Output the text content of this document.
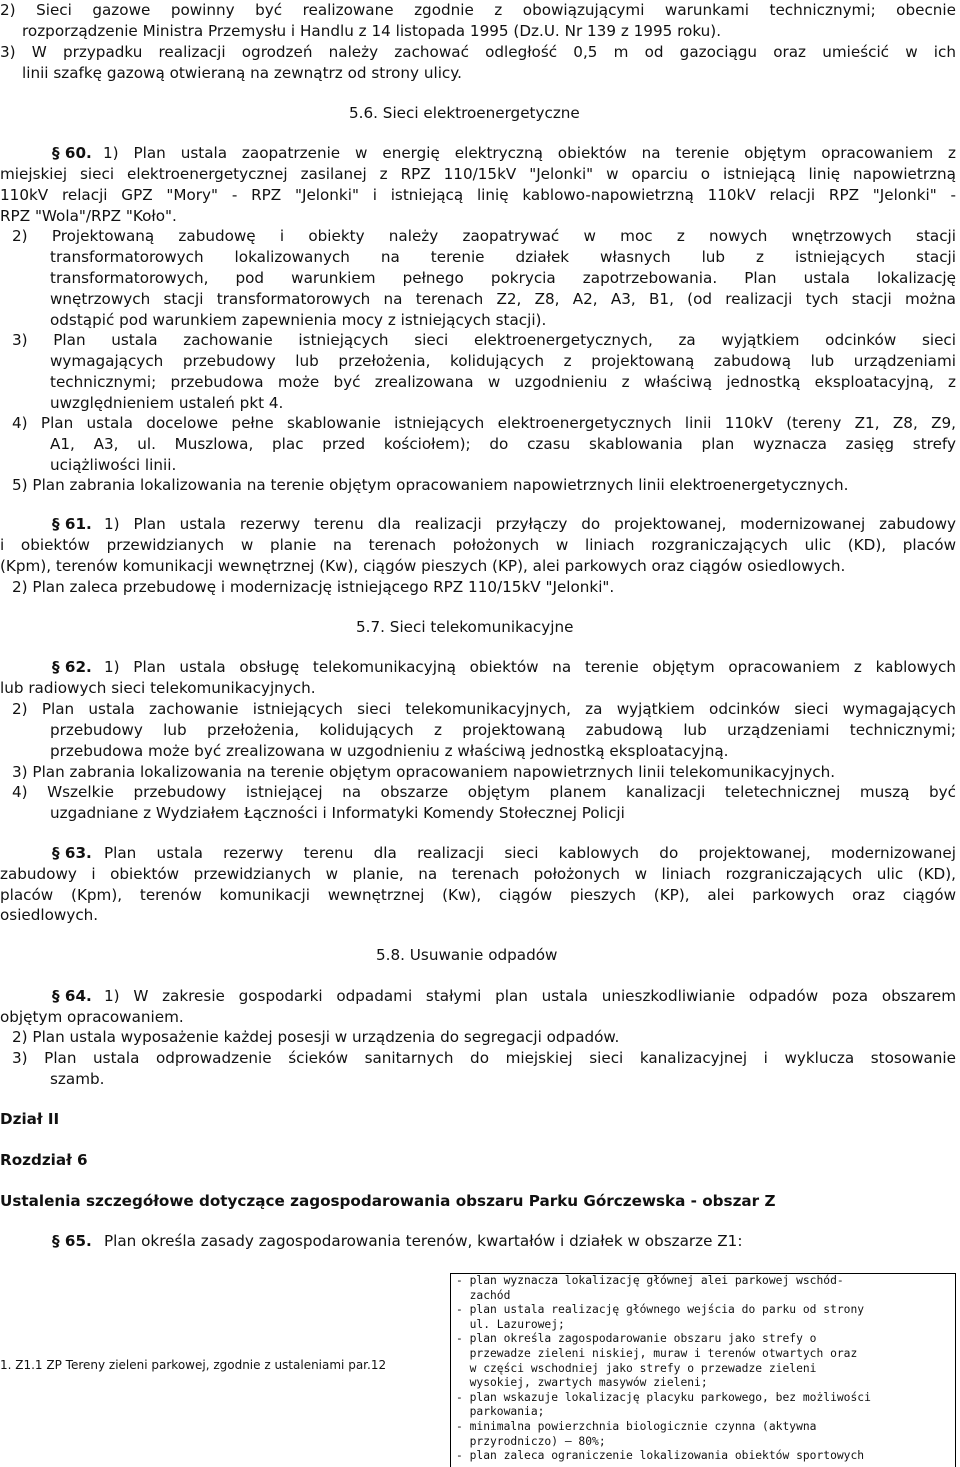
2) Sieci gazowe powinny być realizowane zgodnie z obowiązującymi warunkami technicznymi; obecnie
rozporządzenie Ministra Przemysłu i Handlu z 14 listopada 1995 (Dz.U. Nr 139 z 1995 roku).
3) W przypadku realizacji ogrodzeń należy zachować odległość 0,5 m od gazociągu oraz umieścić w ich
linii szafkę gazową otwieraną na zewnątrz od strony ulicy.
5.6. Sieci elektroenergetyczne
§ 60. 1) Plan ustala zaopatrzenie w energię elektryczną obiektów na terenie objętym opracowaniem z
miejskiej sieci elektroenergetycznej zasilanej z RPZ 110/15kV "Jelonki" w oparciu o istniejącą linię napowietrzną
110kV relacji GPZ "Mory" - RPZ "Jelonki" i istniejącą linię kablowo-napowietrzną 110kV relacji RPZ "Jelonki" -
RPZ "Wola"/RPZ "Koło".
2) Projektowaną zabudowę i obiekty należy zaopatrywać w moc z nowych wnętrzowych stacji
transformatorowych lokalizowanych na terenie działek własnych lub z istniejących stacji
transformatorowych, pod warunkiem pełnego pokrycia zapotrzebowania. Plan ustala lokalizację
wnętrzowych stacji transformatorowych na terenach Z2, Z8, A2, A3, B1, (od realizacji tych stacji można
odstąpić pod warunkiem zapewnienia mocy z istniejących stacji).
3) Plan ustala zachowanie istniejących sieci elektroenergetycznych, za wyjątkiem odcinków sieci
wymagających przebudowy lub przełożenia, kolidujących z projektowaną zabudową lub urządzeniami
technicznymi; przebudowa może być zrealizowana w uzgodnieniu z właściwą jednostką eksploatacyjną, z
uwzględnieniem ustaleń pkt 4.
4) Plan ustala docelowe pełne skablowanie istniejących elektroenergetycznych linii 110kV (tereny Z1, Z8, Z9,
A1, A3, ul. Muszlowa, plac przed kościołem); do czasu skablowania plan wyznacza zasięg strefy
uciążliwości linii.
5) Plan zabrania lokalizowania na terenie objętym opracowaniem napowietrznych linii elektroenergetycznych.
§ 61. 1) Plan ustala rezerwy terenu dla realizacji przyłączy do projektowanej, modernizowanej zabudowy
i obiektów przewidzianych w planie na terenach położonych w liniach rozgraniczających ulic (KD), placów
(Kpm), terenów komunikacji wewnętrznej (Kw), ciągów pieszych (KP), alei parkowych oraz ciągów osiedlowych.
2) Plan zaleca przebudowę i modernizację istniejącego RPZ 110/15kV "Jelonki".
5.7. Sieci telekomunikacyjne
§ 62. 1) Plan ustala obsługę telekomunikacyjną obiektów na terenie objętym opracowaniem z kablowych
lub radiowych sieci telekomunikacyjnych.
2) Plan ustala zachowanie istniejących sieci telekomunikacyjnych, za wyjątkiem odcinków sieci wymagających
przebudowy lub przełożenia, kolidujących z projektowaną zabudową lub urządzeniami technicznymi;
przebudowa może być zrealizowana w uzgodnieniu z właściwą jednostką eksploatacyjną.
3) Plan zabrania lokalizowania na terenie objętym opracowaniem napowietrznych linii telekomunikacyjnych.
4) Wszelkie przebudowy istniejącej na obszarze objętym planem kanalizacji teletechnicznej muszą być
uzgadniane z Wydziałem Łączności i Informatyki Komendy Stołecznej Policji
§ 63. Plan ustala rezerwy terenu dla realizacji sieci kablowych do projektowanej, modernizowanej
zabudowy i obiektów przewidzianych w planie, na terenach położonych w liniach rozgraniczających ulic (KD),
placów (Kpm), terenów komunikacji wewnętrznej (Kw), ciągów pieszych (KP), alei parkowych oraz ciągów
osiedlowych.
5.8. Usuwanie odpadów
§ 64. 1) W zakresie gospodarki odpadami stałymi plan ustala unieszkodliwianie odpadów poza obszarem
objętym opracowaniem.
2) Plan ustala wyposażenie każdej posesji w urządzenia do segregacji odpadów.
3) Plan ustala odprowadzenie ścieków sanitarnych do miejskiej sieci kanalizacyjnej i wyklucza stosowanie
szamb.
Dział II
Rozdział 6
Ustalenia szczegółowe dotyczące zagospodarowania obszaru Parku Górczewska - obszar Z
§ 65. Plan określa zasady zagospodarowania terenów, kwartałów i działek w obszarze Z1:
1. Z1.1 ZP Tereny zieleni parkowej, zgodnie z ustaleniami par.12
- plan wyznacza lokalizację głównej alei parkowej wschód-
zachód
- plan ustala realizację głównego wejścia do parku od strony
ul. Lazurowej;
- plan określa zagospodarowanie obszaru jako strefy o
przewadze zieleni niskiej, muraw i terenów otwartych oraz
w części wschodniej jako strefy o przewadze zieleni
wysokiej, zwartych masywów zieleni;
- plan wskazuje lokalizację placyku parkowego, bez możliwości
parkowania;
- minimalna powierzchnia biologicznie czynna (aktywna
przyrodniczo) – 80%;
- plan zaleca ograniczenie lokalizowania obiektów sportowych
